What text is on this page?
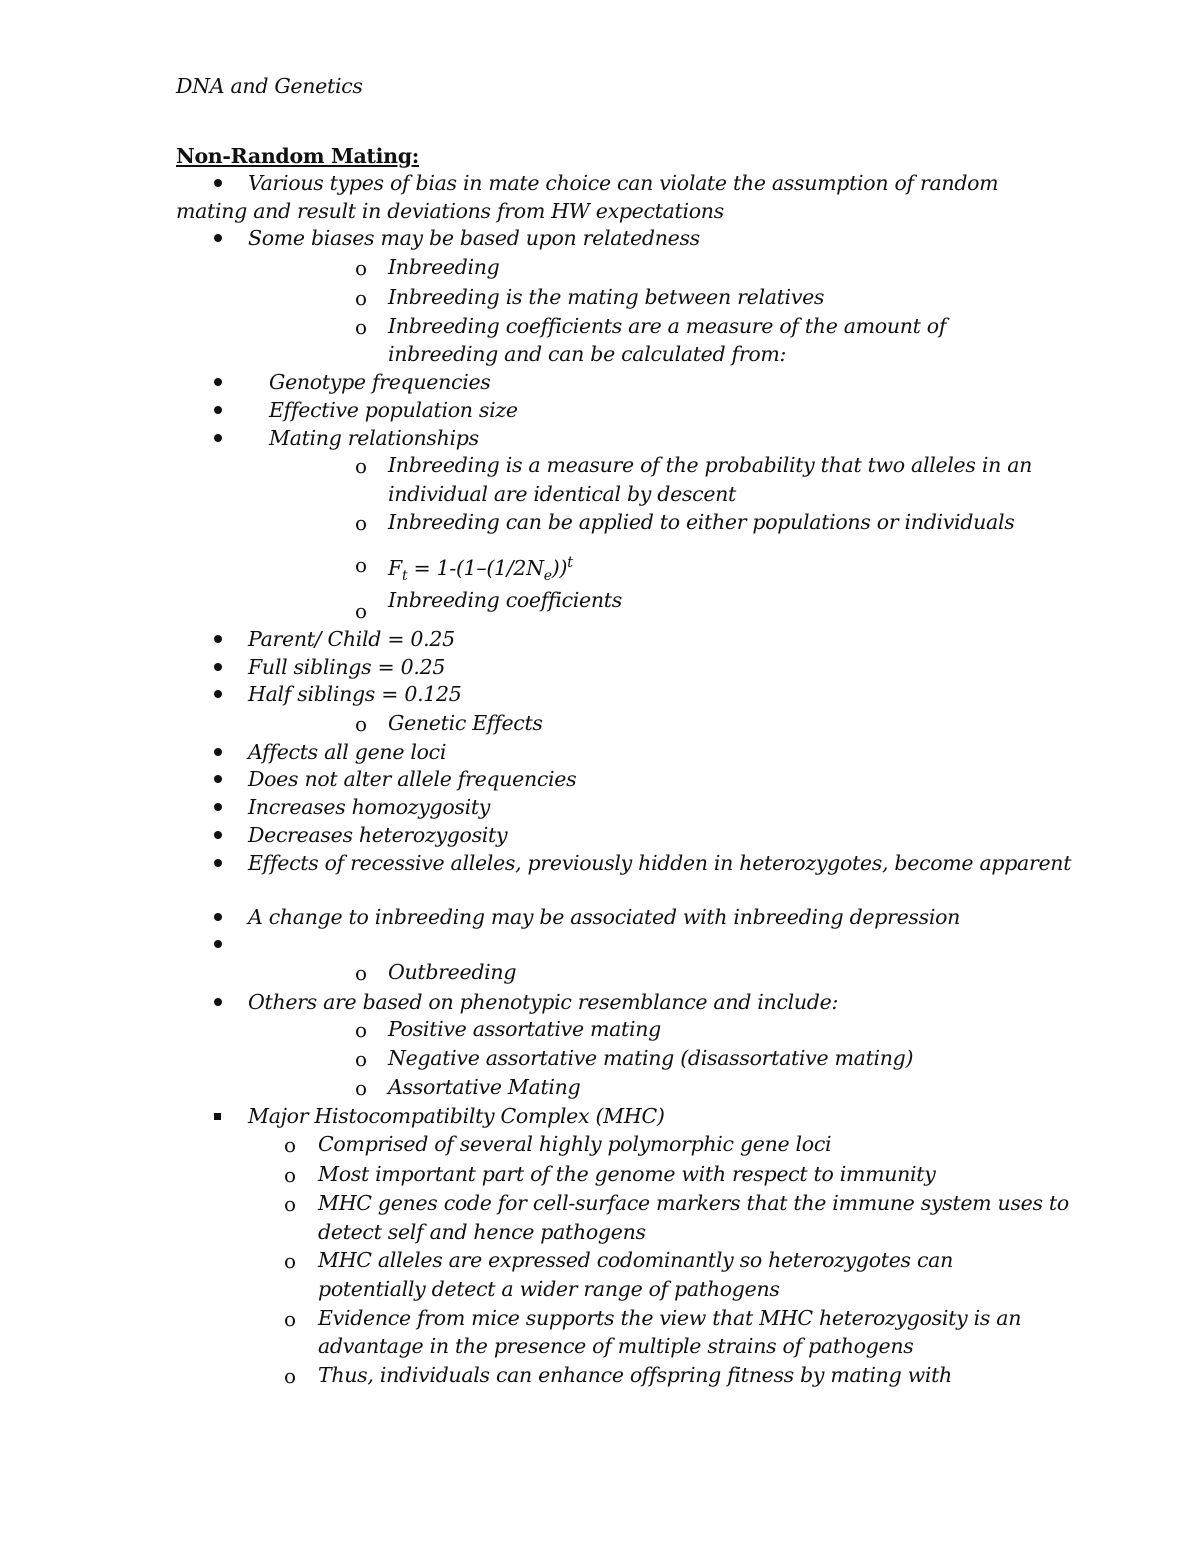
DNA and Genetics
Non-Random Mating:
Various types of bias in mate choice can violate the assumption of random
mating and result in deviations from HW expectations
Some biases may be based upon relatedness
o Inbreeding
o Inbreeding is the mating between relatives
o Inbreeding coefficients are a measure of the amount of
inbreeding and can be calculated from:
Genotype frequencies
Effective population size
Mating relationships
o Inbreeding is a measure of the probability that two alleles in an
individual are identical by descent
o Inbreeding can be applied to either populations or individuals
o $F_t = 1-(1-(1/2N_e))^t$
o Inbreeding coefficients
Parent/ Child = 0.25
Full siblings = 0.25
Half siblings = 0.125
o Genetic Effects
Affects all gene loci
Does not alter allele frequencies
Increases homozygosity
Decreases heterozygosity
Effects of recessive alleles, previously hidden in heterozygotes, become apparent
A change to inbreeding may be associated with inbreeding depression
o Outbreeding
Others are based on phenotypic resemblance and include:
o Positive assortative mating
o Negative assortative mating (disassortative mating)
o Assortative Mating
Major Histocompatibilty Complex (MHC)
o Comprised of several highly polymorphic gene loci
o Most important part of the genome with respect to immunity
o MHC genes code for cell-surface markers that the immune system uses to
detect self and hence pathogens
o MHC alleles are expressed codominantly so heterozygotes can
potentially detect a wider range of pathogens
o Evidence from mice supports the view that MHC heterozygosity is an
advantage in the presence of multiple strains of pathogens
o Thus, individuals can enhance offspring fitness by mating with
